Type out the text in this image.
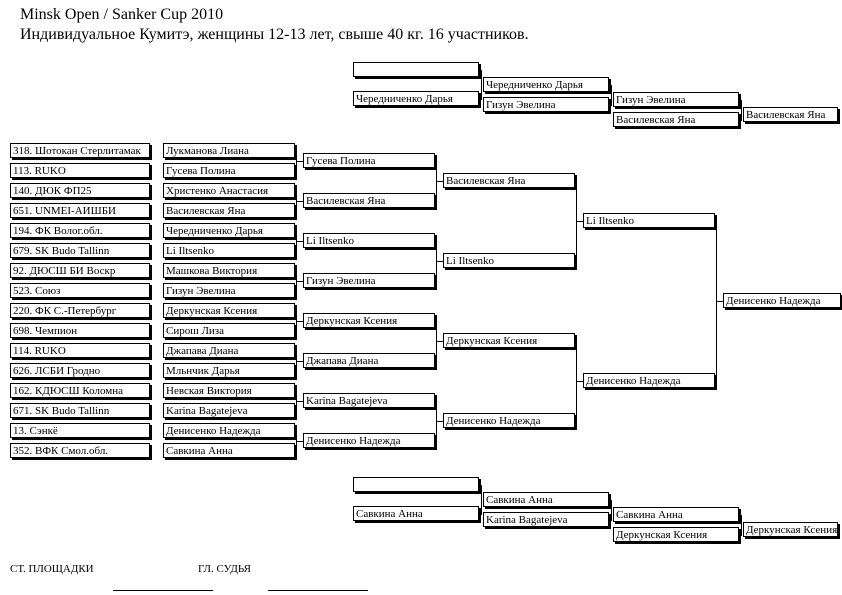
Minsk Open / Sanker Cup 2010
Индивидуальное Кумитэ, женщины 12-13 лет, свыше 40 кг. 16 участников.
318. Шотокан Стерлитамак	Лукманова Лиана
113. RUKO	Гусева Полина
140. ДЮК ФП25	Христенко Анастасия
651. UNMEI-АИШБИ	Василевская Яна
194. ФК Волог.обл.	Чередниченко Дарья
679. SK Budo Tallinn	Li Iltsenko
92. ДЮСШ БИ Воскр	Машкова Виктория
523. Союз	Гизун Эвелина
220. ФК С.-Петербург	Деркунская Ксения
698. Чемпион	Сирош Лиза
114. RUKO	Джапава Диана
626. ЛСБИ Гродно	Мльнчик Дарья
162. КДЮСШ Коломна	Невская Виктория
671. SK Budo Tallinn	Karina Bagatejeva
13. Сэнкё	Денисенко Надежда
352. ВФК Смол.обл.	Савкина Анна
Гусева Полина
Василевская Яна
Li Iltsenko
Гизун Эвелина
Деркунская Ксения
Джапава Диана
Karina Bagatejeva
Денисенко Надежда
Василевская Яна
Li Iltsenko
Деркунская Ксения
Денисенко Надежда
Li Iltsenko
Денисенко Надежда
Денисенко Надежда
Чередниченко Дарья
Чередниченко Дарья
Гизун Эвелина	Гизун Эвелина
Василевская Яна	Василевская Яна
Савкина Анна
Савкина Анна
Karina Bagatejeva	Савкина Анна
Деркунская Ксения	Деркунская Ксения
СТ. ПЛОЩАДКИ	ГЛ. СУДЬЯ
